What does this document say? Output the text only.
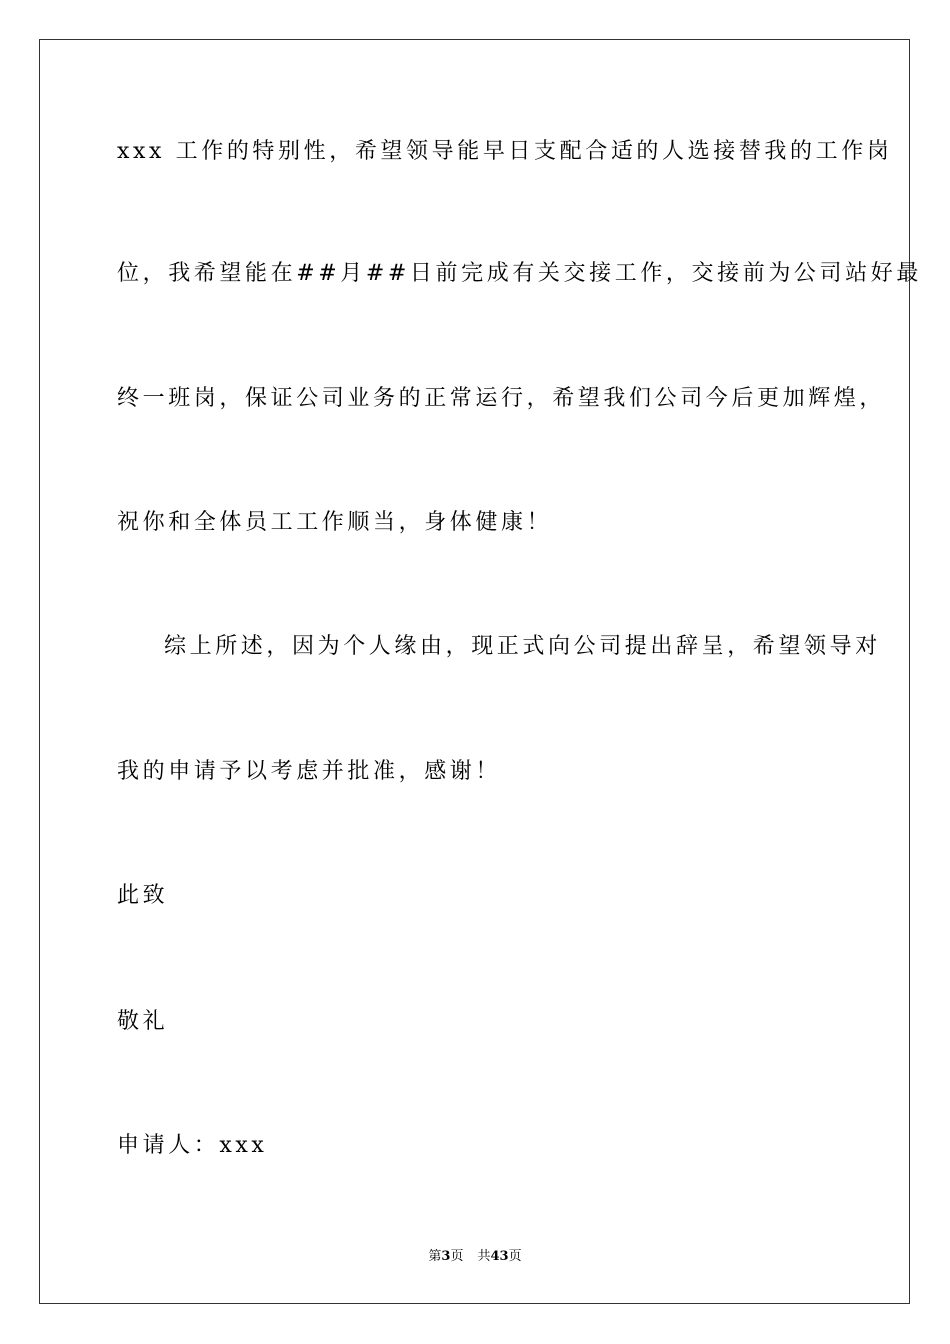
xxx 工作的特别性，希望领导能早日支配合适的人选接替我的工作岗
位，我希望能在##月##日前完成有关交接工作，交接前为公司站好最
终一班岗，保证公司业务的正常运行，希望我们公司今后更加辉煌，
祝你和全体员工工作顺当，身体健康！
综上所述，因为个人缘由，现正式向公司提出辞呈，希望领导对
我的申请予以考虑并批准，感谢！
此致
敬礼
申请人：xxx
第3页 共43页
